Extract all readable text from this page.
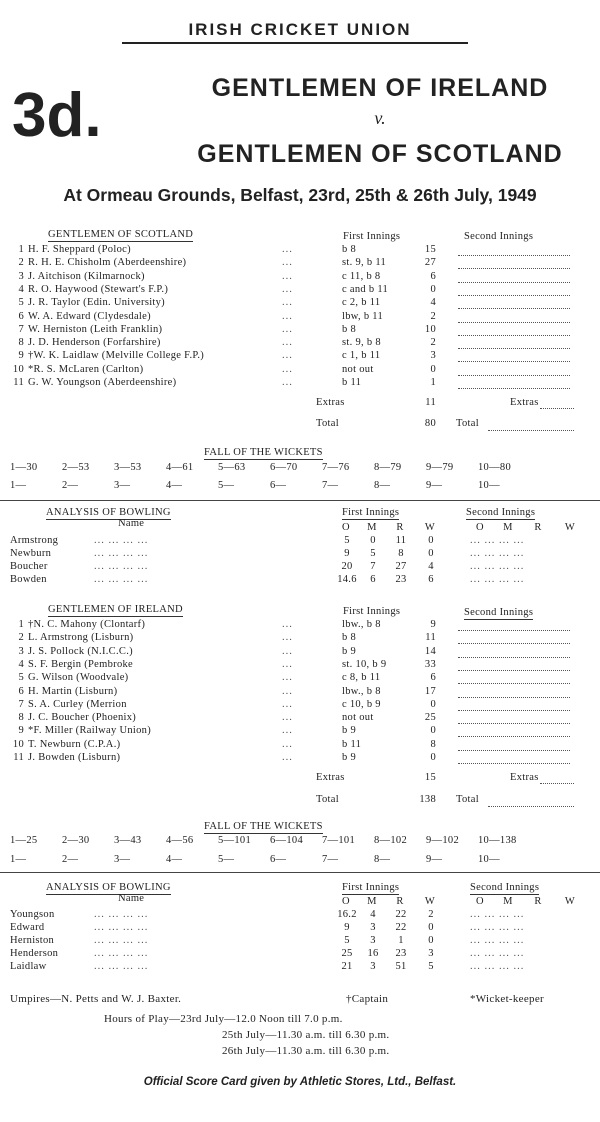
IRISH CRICKET UNION
3d.	GENTLEMEN OF IRELAND
v.
GENTLEMEN OF SCOTLAND
At Ormeau Grounds, Belfast, 23rd, 25th & 26th July, 1949
GENTLEMEN OF SCOTLAND	First Innings	Second Innings
1 H. F. Sheppard (Poloc)	...	b 8	15
2 R. H. E. Chisholm (Aberdeenshire)	...	st. 9, b 11	27
3 J. Aitchison (Kilmarnock)	...	c 11, b 8	6
4 R. O. Haywood (Stewart's F.P.)	...	c and b 11	0
5 J. R. Taylor (Edin. University)	...	c 2, b 11	4
6 W. A. Edward (Clydesdale)	...	lbw, b 11	2
7 W. Herniston (Leith Franklin)	...	b 8	10
8 J. D. Henderson (Forfarshire)	...	st. 9, b 8	2
9 †W. K. Laidlaw (Melville College F.P.)	...	c 1, b 11	3
10 *R. S. McLaren (Carlton)	...	not out	0
11 G. W. Youngson (Aberdeenshire)	...	b 11	1
Extras	11	Extras
Total	80 Total
FALL OF THE WICKETS
1—30 2—53 3—53 4—61 5—63 6—70 7—76 8—79 9—79 10—80
1—	2—	3—	4—	5—	6—	7—	8—	9—	10—
ANALYSIS OF BOWLING
Name
First Innings	Second Innings
O	O
M	M
R	R
W	W
Armstrong	... ... ... ...	5	0	11	0	... ... ... ...
Newburn	... ... ... ...	9	5	8	0	... ... ... ...
Boucher	... ... ... ...	20	7	27	4	... ... ... ...
Bowden	... ... ... ...	14.6	6	23	6	... ... ... ...
GENTLEMEN OF IRELAND	First Innings	Second Innings
1 †N. C. Mahony (Clontarf)	...	lbw., b 8	9
2 L. Armstrong (Lisburn)	...	b 8	11
3 J. S. Pollock (N.I.C.C.)	...	b 9	14
4 S. F. Bergin (Pembroke	...	st. 10, b 9	33
5 G. Wilson (Woodvale)	...	c 8, b 11	6
6 H. Martin (Lisburn)	...	lbw., b 8	17
7 S. A. Curley (Merrion	...	c 10, b 9	0
8 J. C. Boucher (Phoenix)	...	not out	25
9 *F. Miller (Railway Union)	...	b 9	0
10 T. Newburn (C.P.A.)	...	b 11	8
11 J. Bowden (Lisburn)	...	b 9	0
Extras	15	Extras
Total	138 Total
FALL OF THE WICKETS
1—25 2—30 3—43 4—56 5—101 6—104 7—101 8—102 9—102 10—138
1—	2—	3—	4—	5—	6—	7—	8—	9—	10—
ANALYSIS OF BOWLING
Name
First Innings	Second Innings
O	O
M	M
R	R
W	W
Youngson	... ... ... ...	16.2	4	22	2	... ... ... ...
Edward	... ... ... ...	9	3	22	0	... ... ... ...
Herniston	... ... ... ...	5	3	1	0	... ... ... ...
Henderson	... ... ... ...	25	16	23	3	... ... ... ...
Laidlaw	... ... ... ...	21	3	51	5	... ... ... ...
Umpires—N. Petts and W. J. Baxter.	†Captain	*Wicket-keeper
Hours of Play—23rd July—12.0 Noon till 7.0 p.m.
25th July—11.30 a.m. till 6.30 p.m.
26th July—11.30 a.m. till 6.30 p.m.
Official Score Card given by Athletic Stores, Ltd., Belfast.
